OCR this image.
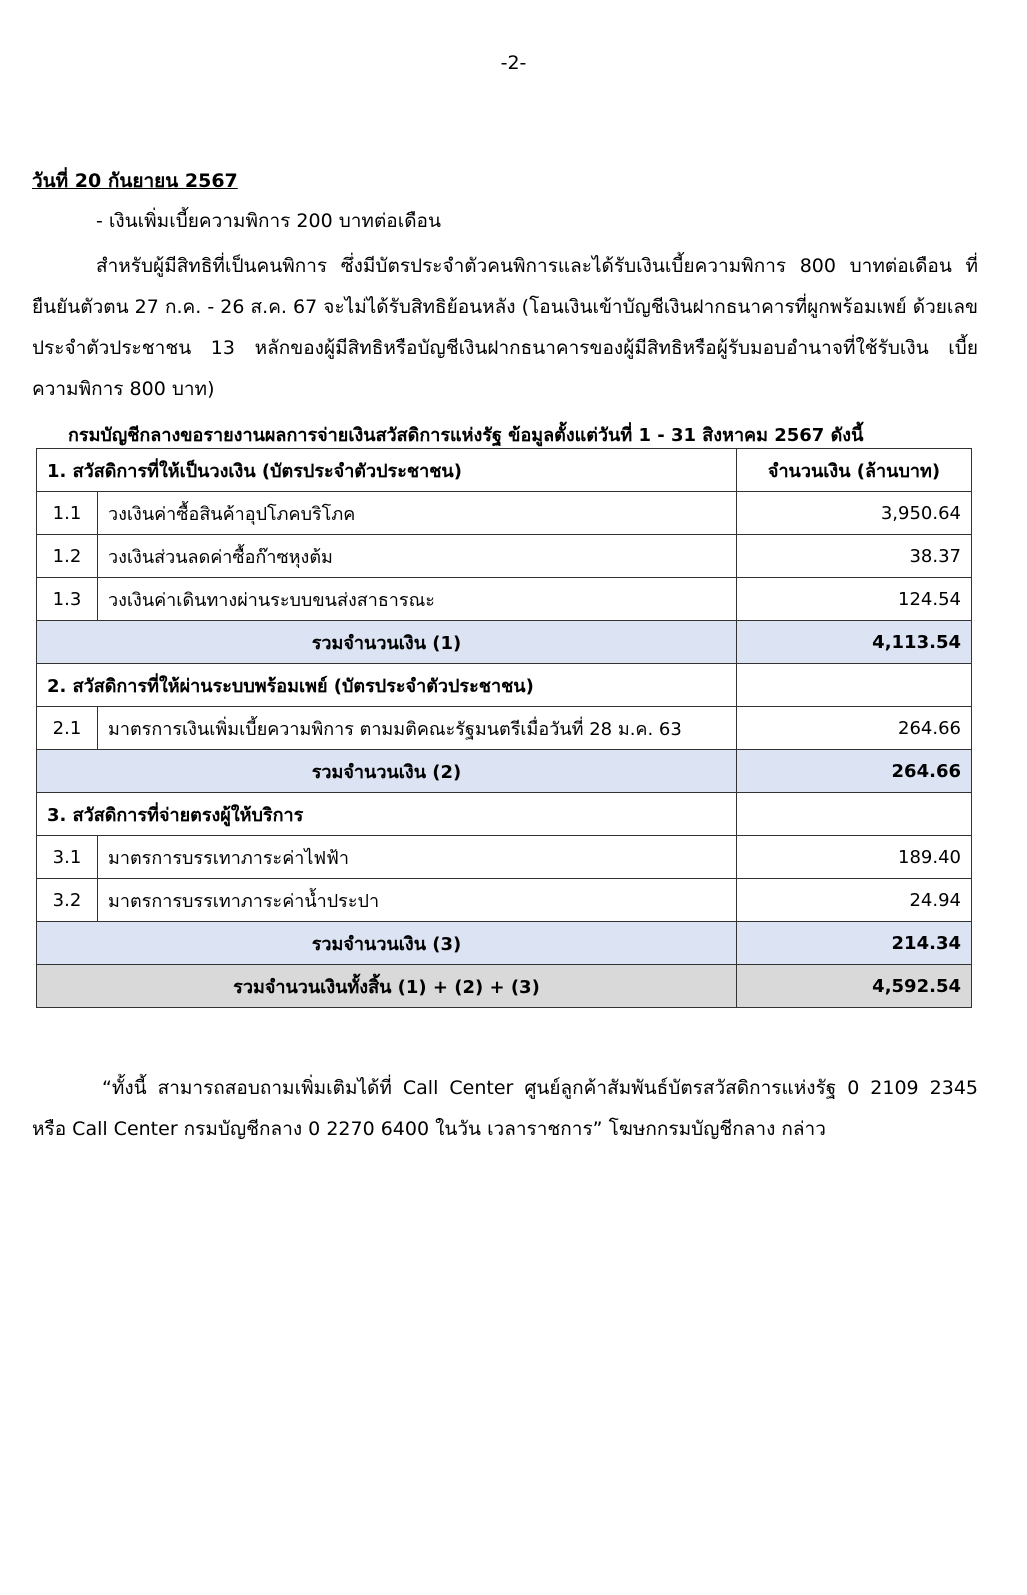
-2-

วันที่ 20 กันยายน 2567

- เงินเพิ่มเบี้ยความพิการ 200 บาทต่อเดือน

สำหรับผู้มีสิทธิที่เป็นคนพิการ ซึ่งมีบัตรประจำตัวคนพิการและได้รับเงินเบี้ยความพิการ 800 บาทต่อเดือน ที่ยืนยันตัวตน 27 ก.ค. - 26 ส.ค. 67 จะไม่ได้รับสิทธิย้อนหลัง (โอนเงินเข้าบัญชีเงินฝากธนาคารที่ผูกพร้อมเพย์ ด้วยเลขประจำตัวประชาชน 13 หลักของผู้มีสิทธิหรือบัญชีเงินฝากธนาคารของผู้มีสิทธิหรือผู้รับมอบอำนาจที่ใช้รับเงิน เบี้ยความพิการ 800 บาท)

กรมบัญชีกลางขอรายงานผลการจ่ายเงินสวัสดิการแห่งรัฐ ข้อมูลตั้งแต่วันที่ 1 - 31 สิงหาคม 2567 ดังนี้

1. สวัสดิการที่ให้เป็นวงเงิน (บัตรประจำตัวประชาชน)		จำนวนเงิน (ล้านบาท)
1.1	วงเงินค่าซื้อสินค้าอุปโภคบริโภค	3,950.64
1.2	วงเงินส่วนลดค่าซื้อก๊าซหุงต้ม	38.37
1.3	วงเงินค่าเดินทางผ่านระบบขนส่งสาธารณะ	124.54
รวมจำนวนเงิน (1)		4,113.54
2. สวัสดิการที่ให้ผ่านระบบพร้อมเพย์ (บัตรประจำตัวประชาชน)		
2.1	มาตรการเงินเพิ่มเบี้ยความพิการ ตามมติคณะรัฐมนตรีเมื่อวันที่ 28 ม.ค. 63	264.66
รวมจำนวนเงิน (2)		264.66
3. สวัสดิการที่จ่ายตรงผู้ให้บริการ		
3.1	มาตรการบรรเทาภาระค่าไฟฟ้า	189.40
3.2	มาตรการบรรเทาภาระค่าน้ำประปา	24.94
รวมจำนวนเงิน (3)		214.34
รวมจำนวนเงินทั้งสิ้น (1) + (2) + (3)		4,592.54

“ทั้งนี้ สามารถสอบถามเพิ่มเติมได้ที่ Call Center ศูนย์ลูกค้าสัมพันธ์บัตรสวัสดิการแห่งรัฐ 0 2109 2345 หรือ Call Center กรมบัญชีกลาง 0 2270 6400 ในวัน เวลาราชการ” โฆษกกรมบัญชีกลาง กล่าว
